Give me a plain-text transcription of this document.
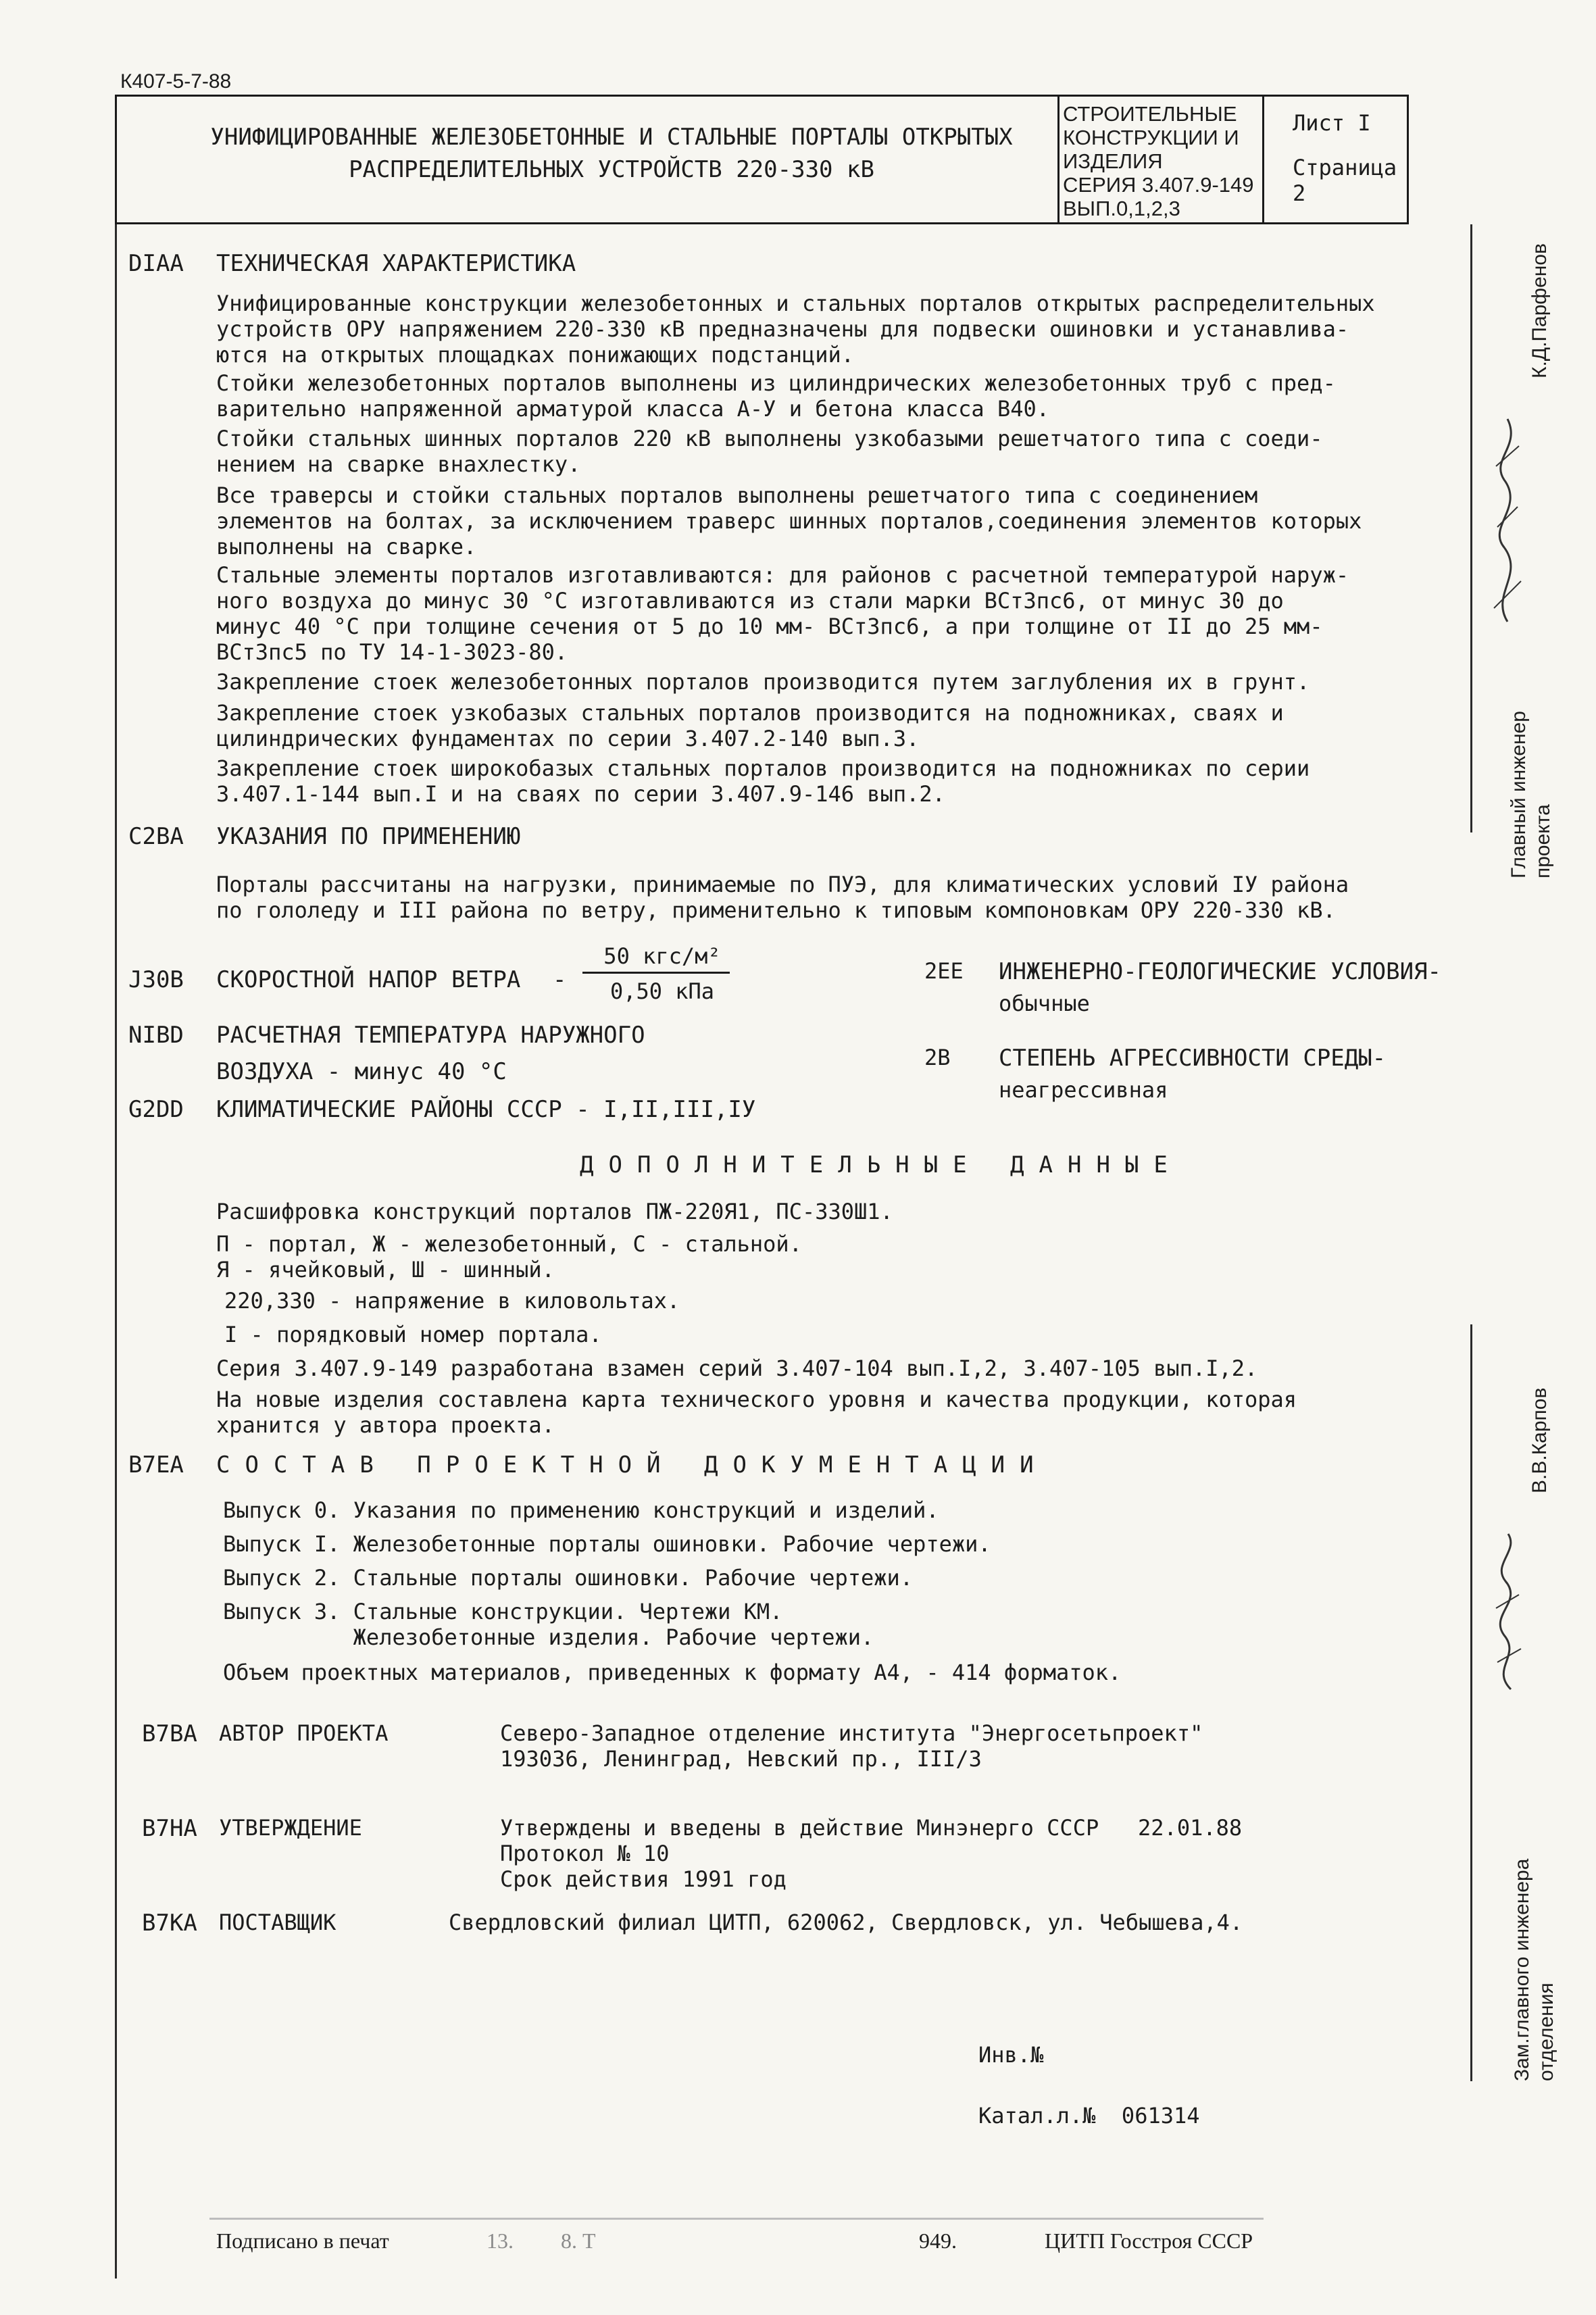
К407-5-7-88
УНИФИЦИРОВАННЫЕ ЖЕЛЕЗОБЕТОННЫЕ И СТАЛЬНЫЕ ПОРТАЛЫ ОТКРЫТЫХ
РАСПРЕДЕЛИТЕЛЬНЫХ УСТРОЙСТВ 220-330 кВ
СТРОИТЕЛЬНЫЕ
КОНСТРУКЦИИ И
ИЗДЕЛИЯ
СЕРИЯ 3.407.9-149
ВЫП.0,1,2,3
Лист I
Страница 2
Главный инженер проекта
К.Д.Парфенов
Зам.главного инженера отделения
В.В.Карпов
DIAA ТЕХНИЧЕСКАЯ ХАРАКТЕРИСТИКА
Унифицированные конструкции железобетонных и стальных порталов открытых распределительных
устройств ОРУ напряжением 220-330 кВ предназначены для подвески ошиновки и устанавлива-
ются на открытых площадках понижающих подстанций.
Стойки железобетонных порталов выполнены из цилиндрических железобетонных труб с пред-
варительно напряженной арматурой класса А-У и бетона класса В40.
Стойки стальных шинных порталов 220 кВ выполнены узкобазыми решетчатого типа с соеди-
нением на сварке внахлестку.
Все траверсы и стойки стальных порталов выполнены решетчатого типа с соединением
элементов на болтах, за исключением траверс шинных порталов,соединения элементов которых
выполнены на сварке.
Стальные элементы порталов изготавливаются: для районов с расчетной температурой наруж-
ного воздуха до минус 30 °С изготавливаются из стали марки ВСт3пс6, от минус 30 до
минус 40 °С при толщине сечения от 5 до 10 мм- ВСт3пс6, а при толщине от II до 25 мм-
ВСт3пс5 по ТУ 14-1-3023-80.
Закрепление стоек железобетонных порталов производится путем заглубления их в грунт.
Закрепление стоек узкобазых стальных порталов производится на подножниках, сваях и
цилиндрических фундаментах по серии 3.407.2-140 вып.3.
Закрепление стоек широкобазых стальных порталов производится на подножниках по серии
3.407.1-144 вып.I и на сваях по серии 3.407.9-146 вып.2.
C2BA УКАЗАНИЯ ПО ПРИМЕНЕНИЮ
Порталы рассчитаны на нагрузки, принимаемые по ПУЭ, для климатических условий IУ района
по гололеду и III района по ветру, применительно к типовым компоновкам ОРУ 220-330 кВ.
J30B СКОРОСТНОЙ НАПОР ВЕТРА -
50 кгс/м²
0,50 кПа
2EE ИНЖЕНЕРНО-ГЕОЛОГИЧЕСКИЕ УСЛОВИЯ-
обычные
NIBD РАСЧЕТНАЯ ТЕМПЕРАТУРА НАРУЖНОГО
ВОЗДУХА - минус 40 °С
2B СТЕПЕНЬ АГРЕССИВНОСТИ СРЕДЫ-
неагрессивная
G2DD КЛИМАТИЧЕСКИЕ РАЙОНЫ СССР - I,II,III,IУ
ДОПОЛНИТЕЛЬНЫЕ ДАННЫЕ
Расшифровка конструкций порталов ПЖ-220Я1, ПС-330Ш1.
П - портал, Ж - железобетонный, С - стальной.
Я - ячейковый, Ш - шинный.
220,330 - напряжение в киловольтах.
I - порядковый номер портала.
Серия 3.407.9-149 разработана взамен серий 3.407-104 вып.I,2, 3.407-105 вып.I,2.
На новые изделия составлена карта технического уровня и качества продукции, которая
хранится у автора проекта.
B7EA СОСТАВ ПРОЕКТНОЙ ДОКУМЕНТАЦИИ
Выпуск 0. Указания по применению конструкций и изделий.
Выпуск I. Железобетонные порталы ошиновки. Рабочие чертежи.
Выпуск 2. Стальные порталы ошиновки. Рабочие чертежи.
Выпуск 3. Стальные конструкции. Чертежи КМ.
Железобетонные изделия. Рабочие чертежи.
Объем проектных материалов, приведенных к формату А4, - 414 форматок.
B7BA АВТОР ПРОЕКТА	Северо-Западное отделение института "Энергосетьпроект"
193036, Ленинград, Невский пр., III/3
B7HA УТВЕРЖДЕНИЕ	Утверждены и введены в действие Минэнерго СССР   22.01.88
Протокол № 10
Срок действия 1991 год
B7KA ПОСТАВЩИК	Свердловский филиал ЦИТП, 620062, Свердловск, ул. Чебышева,4.
Инв.№
Катал.л.№  061314
Подписано в печат	13. 8. Т	949.	ЦИТП Госстроя СССР
